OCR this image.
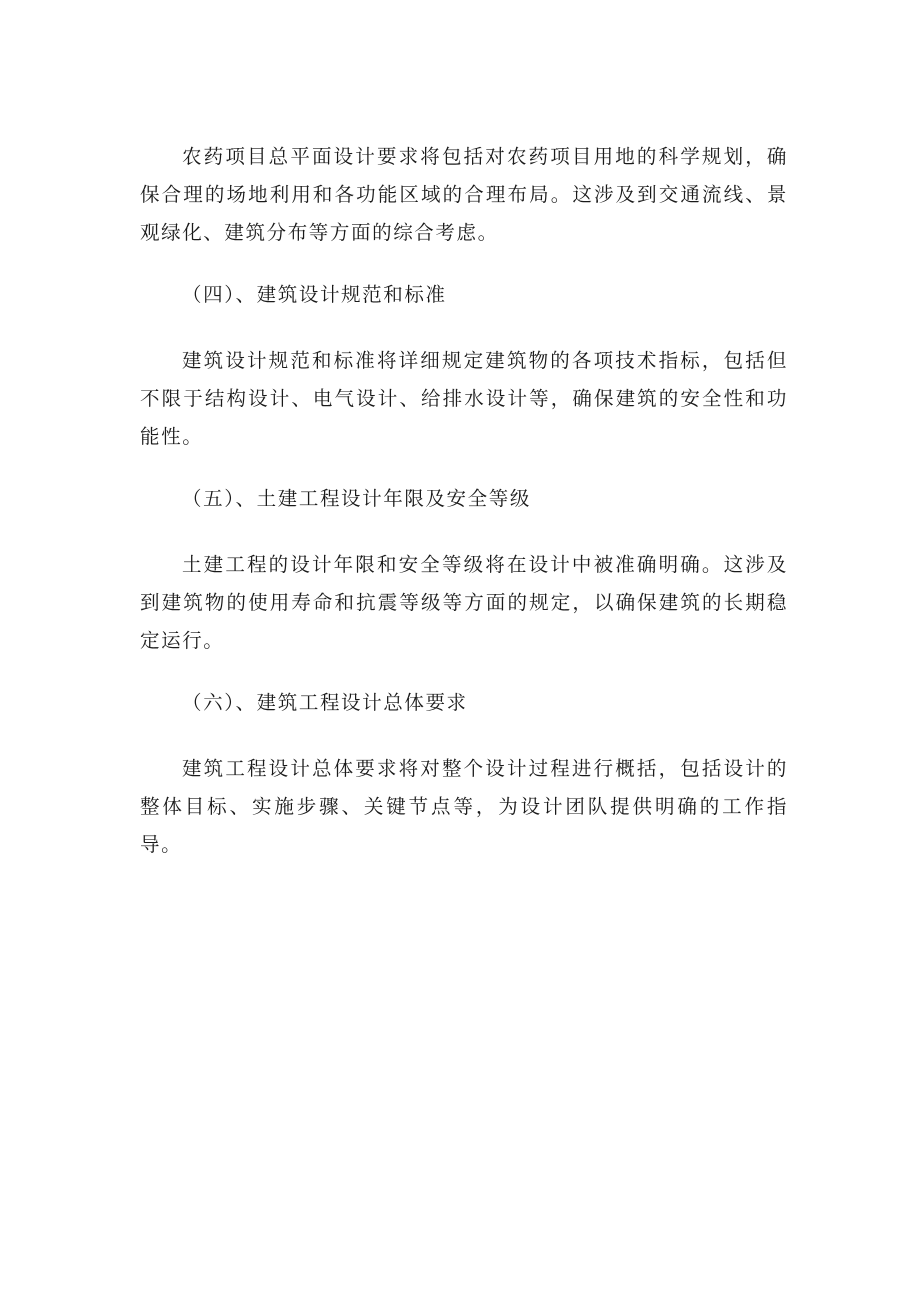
农药项目总平面设计要求将包括对农药项目用地的科学规划，确保合理的场地利用和各功能区域的合理布局。这涉及到交通流线、景观绿化、建筑分布等方面的综合考虑。

（四）、建筑设计规范和标准

建筑设计规范和标准将详细规定建筑物的各项技术指标，包括但不限于结构设计、电气设计、给排水设计等，确保建筑的安全性和功能性。

（五）、土建工程设计年限及安全等级

土建工程的设计年限和安全等级将在设计中被准确明确。这涉及到建筑物的使用寿命和抗震等级等方面的规定，以确保建筑的长期稳定运行。

（六）、建筑工程设计总体要求

建筑工程设计总体要求将对整个设计过程进行概括，包括设计的整体目标、实施步骤、关键节点等，为设计团队提供明确的工作指导。
